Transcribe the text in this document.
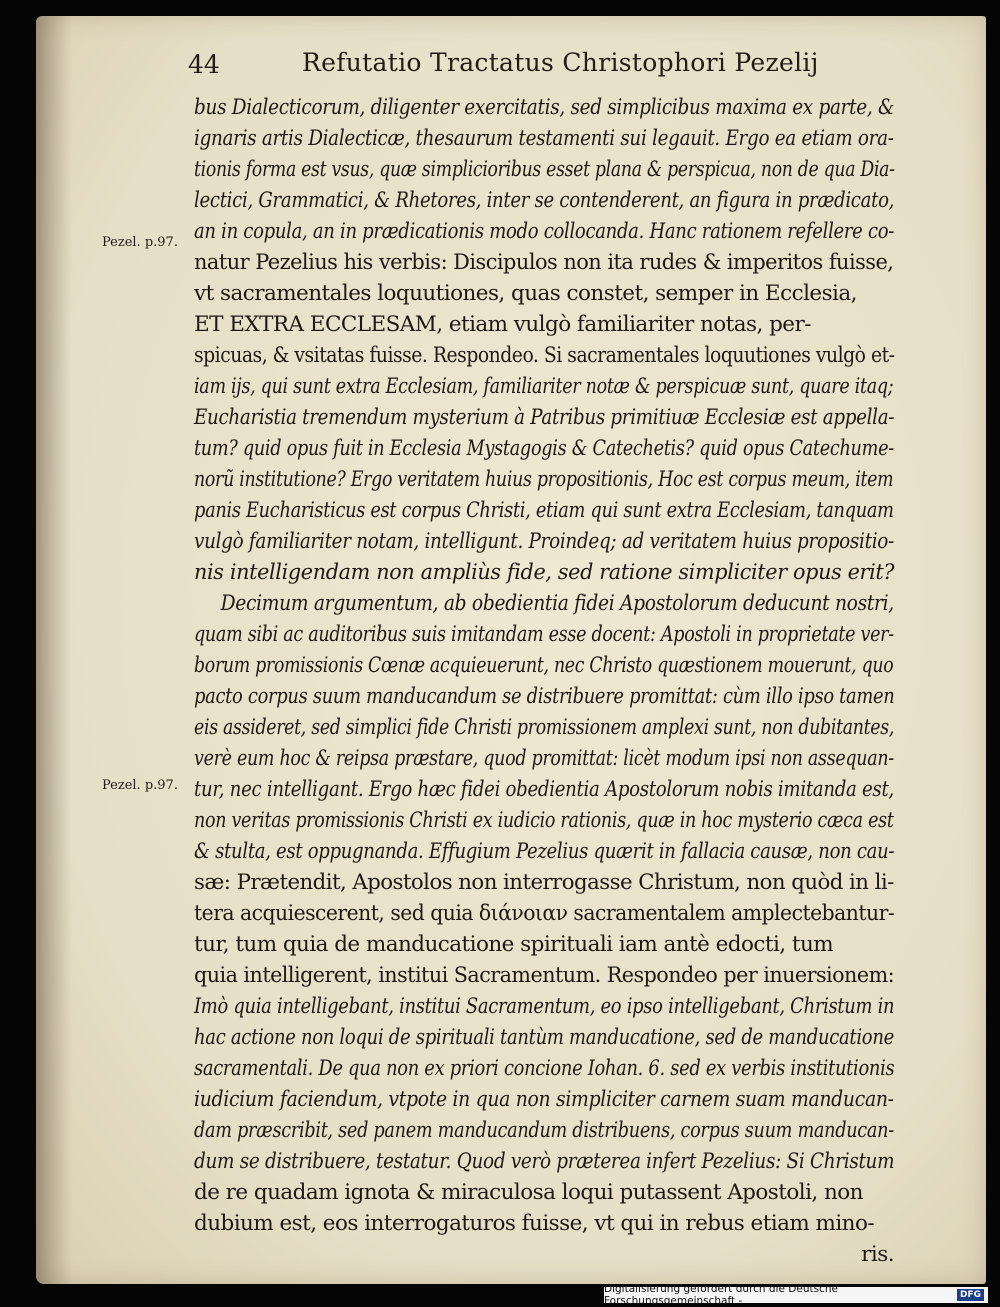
44	Refutatio Tractatus Christophori Pezelij
Pezel. p.97.
Pezel. p.97.
bus Dialecticorum, diligenter exercitatis, sed simplicibus maxima ex parte, &
ignaris artis Dialecticæ, thesaurum testamenti sui legauit. Ergo ea etiam ora-
tionis forma est vsus, quæ simplicioribus esset plana & perspicua, non de qua Dia-
lectici, Grammatici, & Rhetores, inter se contenderent, an figura in prædicato,
an in copula, an in prædicationis modo collocanda. Hanc rationem refellere co-
natur Pezelius his verbis: Discipulos non ita rudes & imperitos fuisse,
vt sacramentales loquutiones, quas constet, semper in Ecclesia,
ET EXTRA ECCLESAM, etiam vulgò familiariter notas, per-
spicuas, & vsitatas fuisse. Respondeo. Si sacramentales loquutiones vulgò et-
iam ijs, qui sunt extra Ecclesiam, familiariter notæ & perspicuæ sunt, quare itaq;
Eucharistia tremendum mysterium à Patribus primitiuæ Ecclesiæ est appella-
tum? quid opus fuit in Ecclesia Mystagogis & Catechetis? quid opus Catechume-
norũ institutione? Ergo veritatem huius propositionis, Hoc est corpus meum, item
panis Eucharisticus est corpus Christi, etiam qui sunt extra Ecclesiam, tanquam
vulgò familiariter notam, intelligunt. Proindeq; ad veritatem huius propositio-
nis intelligendam non ampliùs fide, sed ratione simpliciter opus erit?
Decimum argumentum, ab obedientia fidei Apostolorum deducunt nostri,
quam sibi ac auditoribus suis imitandam esse docent: Apostoli in proprietate ver-
borum promissionis Cœnæ acquieuerunt, nec Christo quæstionem mouerunt, quo
pacto corpus suum manducandum se distribuere promittat: cùm illo ipso tamen
eis assideret, sed simplici fide Christi promissionem amplexi sunt, non dubitantes,
verè eum hoc & reipsa præstare, quod promittat: licèt modum ipsi non assequan-
tur, nec intelligant. Ergo hæc fidei obedientia Apostolorum nobis imitanda est,
non veritas promissionis Christi ex iudicio rationis, quæ in hoc mysterio cæca est
& stulta, est oppugnanda. Effugium Pezelius quærit in fallacia causæ, non cau-
sæ: Prætendit, Apostolos non interrogasse Christum, non quòd in li-
tera acquiescerent, sed quia διάνοιαν sacramentalem amplectebantur-
tur, tum quia de manducatione spirituali iam antè edocti, tum
quia intelligerent, institui Sacramentum. Respondeo per inuersionem:
Imò quia intelligebant, institui Sacramentum, eo ipso intelligebant, Christum in
hac actione non loqui de spirituali tantùm manducatione, sed de manducatione
sacramentali. De qua non ex priori concione Iohan. 6. sed ex verbis institutionis
iudicium faciendum, vtpote in qua non simpliciter carnem suam manducan-
dam præscribit, sed panem manducandum distribuens, corpus suum manducan-
dum se distribuere, testatur. Quod verò præterea infert Pezelius: Si Christum
de re quadam ignota & miraculosa loqui putassent Apostoli, non
dubium est, eos interrogaturos fuisse, vt qui in rebus etiam mino-
ris.
Digitalisierung gefördert durch die Deutsche Forschungsgemeinschaft -	DFG
